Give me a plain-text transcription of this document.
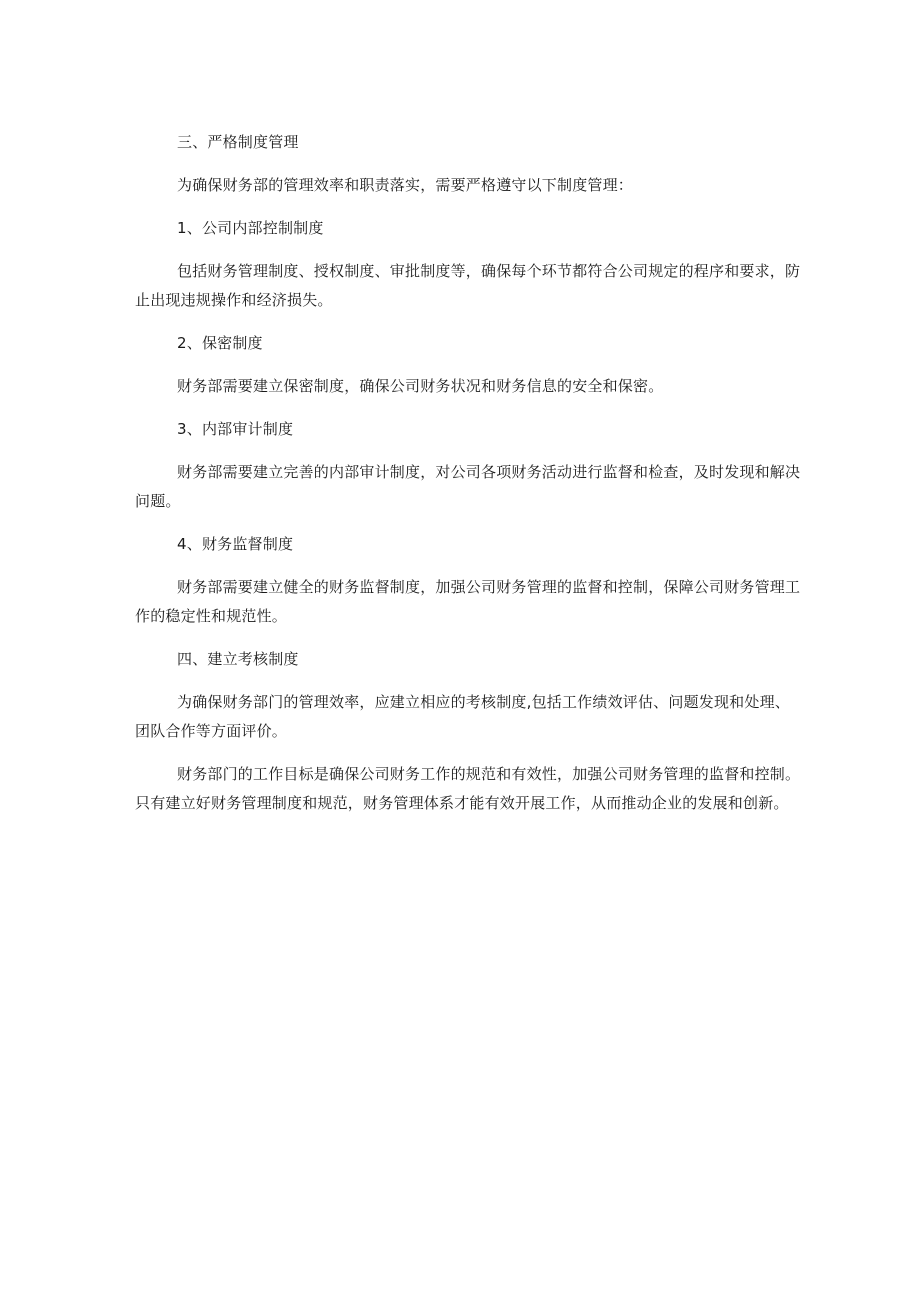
三、严格制度管理
为确保财务部的管理效率和职责落实，需要严格遵守以下制度管理：
1、公司内部控制制度
包括财务管理制度、授权制度、审批制度等，确保每个环节都符合公司规定的程序和要求，防止出现违规操作和经济损失。
2、保密制度
财务部需要建立保密制度，确保公司财务状况和财务信息的安全和保密。
3、内部审计制度
财务部需要建立完善的内部审计制度，对公司各项财务活动进行监督和检查，及时发现和解决问题。
4、财务监督制度
财务部需要建立健全的财务监督制度，加强公司财务管理的监督和控制，保障公司财务管理工作的稳定性和规范性。
四、建立考核制度
为确保财务部门的管理效率，应建立相应的考核制度,包括工作绩效评估、问题发现和处理、团队合作等方面评价。
财务部门的工作目标是确保公司财务工作的规范和有效性，加强公司财务管理的监督和控制。只有建立好财务管理制度和规范，财务管理体系才能有效开展工作，从而推动企业的发展和创新。
